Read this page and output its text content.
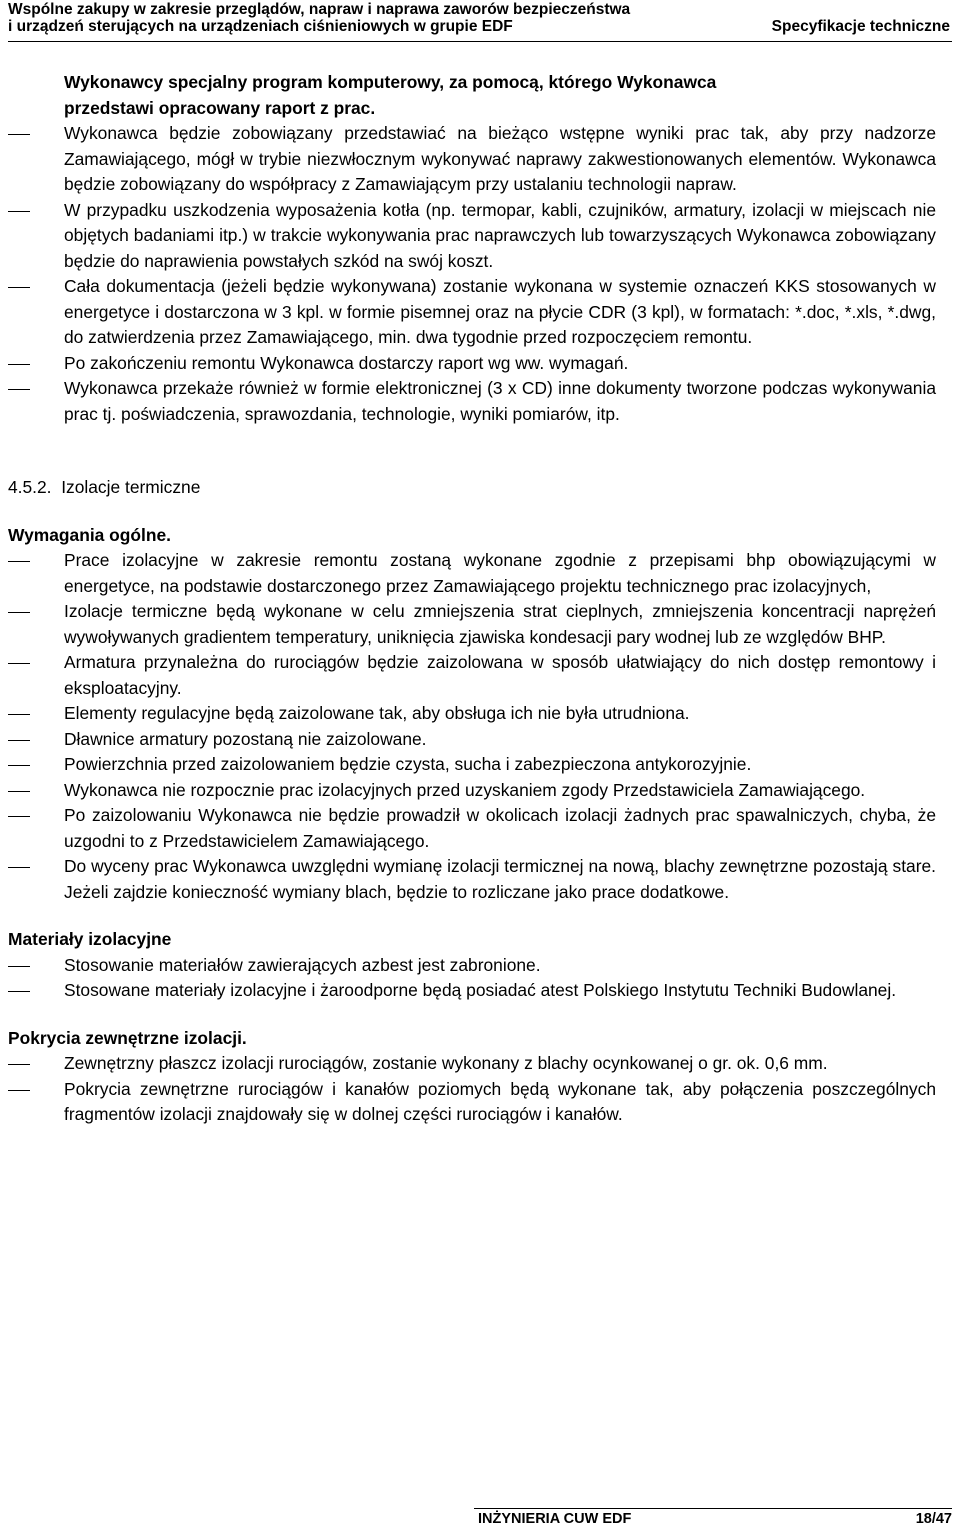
Wspólne zakupy w zakresie przeglądów, napraw i naprawa zaworów bezpieczeństwa
i urządzeń sterujących na urządzeniach ciśnieniowych w grupie EDF	Specyfikacje techniczne
Wykonawcy specjalny program komputerowy, za pomocą, którego Wykonawca
przedstawi opracowany raport z prac.
Wykonawca będzie zobowiązany przedstawiać na bieżąco wstępne wyniki prac tak, aby przy nadzorze Zamawiającego, mógł w trybie niezwłocznym wykonywać naprawy zakwestionowanych elementów. Wykonawca będzie zobowiązany do współpracy z Zamawiającym przy ustalaniu technologii napraw.
W przypadku uszkodzenia wyposażenia kotła (np. termopar, kabli, czujników, armatury, izolacji w miejscach nie objętych badaniami itp.) w trakcie wykonywania prac naprawczych lub towarzyszących Wykonawca zobowiązany będzie do naprawienia powstałych szkód na swój koszt.
Cała dokumentacja (jeżeli będzie wykonywana) zostanie wykonana w systemie oznaczeń KKS stosowanych w energetyce i dostarczona w 3 kpl. w formie pisemnej oraz na płycie CDR (3 kpl), w formatach: *.doc, *.xls, *.dwg, do zatwierdzenia przez Zamawiającego, min. dwa tygodnie przed rozpoczęciem remontu.
Po zakończeniu remontu Wykonawca dostarczy raport wg ww. wymagań.
Wykonawca przekaże również w formie elektronicznej (3 x CD) inne dokumenty tworzone podczas wykonywania prac tj. poświadczenia, sprawozdania, technologie, wyniki pomiarów, itp.
4.5.2. Izolacje termiczne
Wymagania ogólne.
Prace izolacyjne w zakresie remontu zostaną wykonane zgodnie z przepisami bhp obowiązującymi w energetyce, na podstawie dostarczonego przez Zamawiającego projektu technicznego prac izolacyjnych,
Izolacje termiczne będą wykonane w celu zmniejszenia strat cieplnych, zmniejszenia koncentracji naprężeń wywoływanych gradientem temperatury, uniknięcia zjawiska kondesacji pary wodnej lub ze względów BHP.
Armatura przynależna do rurociągów będzie zaizolowana w sposób ułatwiający do nich dostęp remontowy i eksploatacyjny.
Elementy regulacyjne będą zaizolowane tak, aby obsługa ich nie była utrudniona.
Dławnice armatury pozostaną nie zaizolowane.
Powierzchnia przed zaizolowaniem będzie czysta, sucha i zabezpieczona antykorozyjnie.
Wykonawca nie rozpocznie prac izolacyjnych przed uzyskaniem zgody Przedstawiciela Zamawiającego.
Po zaizolowaniu Wykonawca nie będzie prowadził w okolicach izolacji żadnych prac spawalniczych, chyba, że uzgodni to z Przedstawicielem Zamawiającego.
Do wyceny prac Wykonawca uwzględni wymianę izolacji termicznej na nową, blachy zewnętrzne pozostają stare. Jeżeli zajdzie konieczność wymiany blach, będzie to rozliczane jako prace dodatkowe.
Materiały izolacyjne
Stosowanie materiałów zawierających azbest jest zabronione.
Stosowane materiały izolacyjne i żaroodporne będą posiadać atest Polskiego Instytutu Techniki Budowlanej.
Pokrycia zewnętrzne izolacji.
Zewnętrzny płaszcz izolacji rurociągów, zostanie wykonany z blachy ocynkowanej o gr. ok. 0,6 mm.
Pokrycia zewnętrzne rurociągów i kanałów poziomych będą wykonane tak, aby połączenia poszczególnych fragmentów izolacji znajdowały się w dolnej części rurociągów i kanałów.
INŻYNIERIA CUW EDF	18/47
